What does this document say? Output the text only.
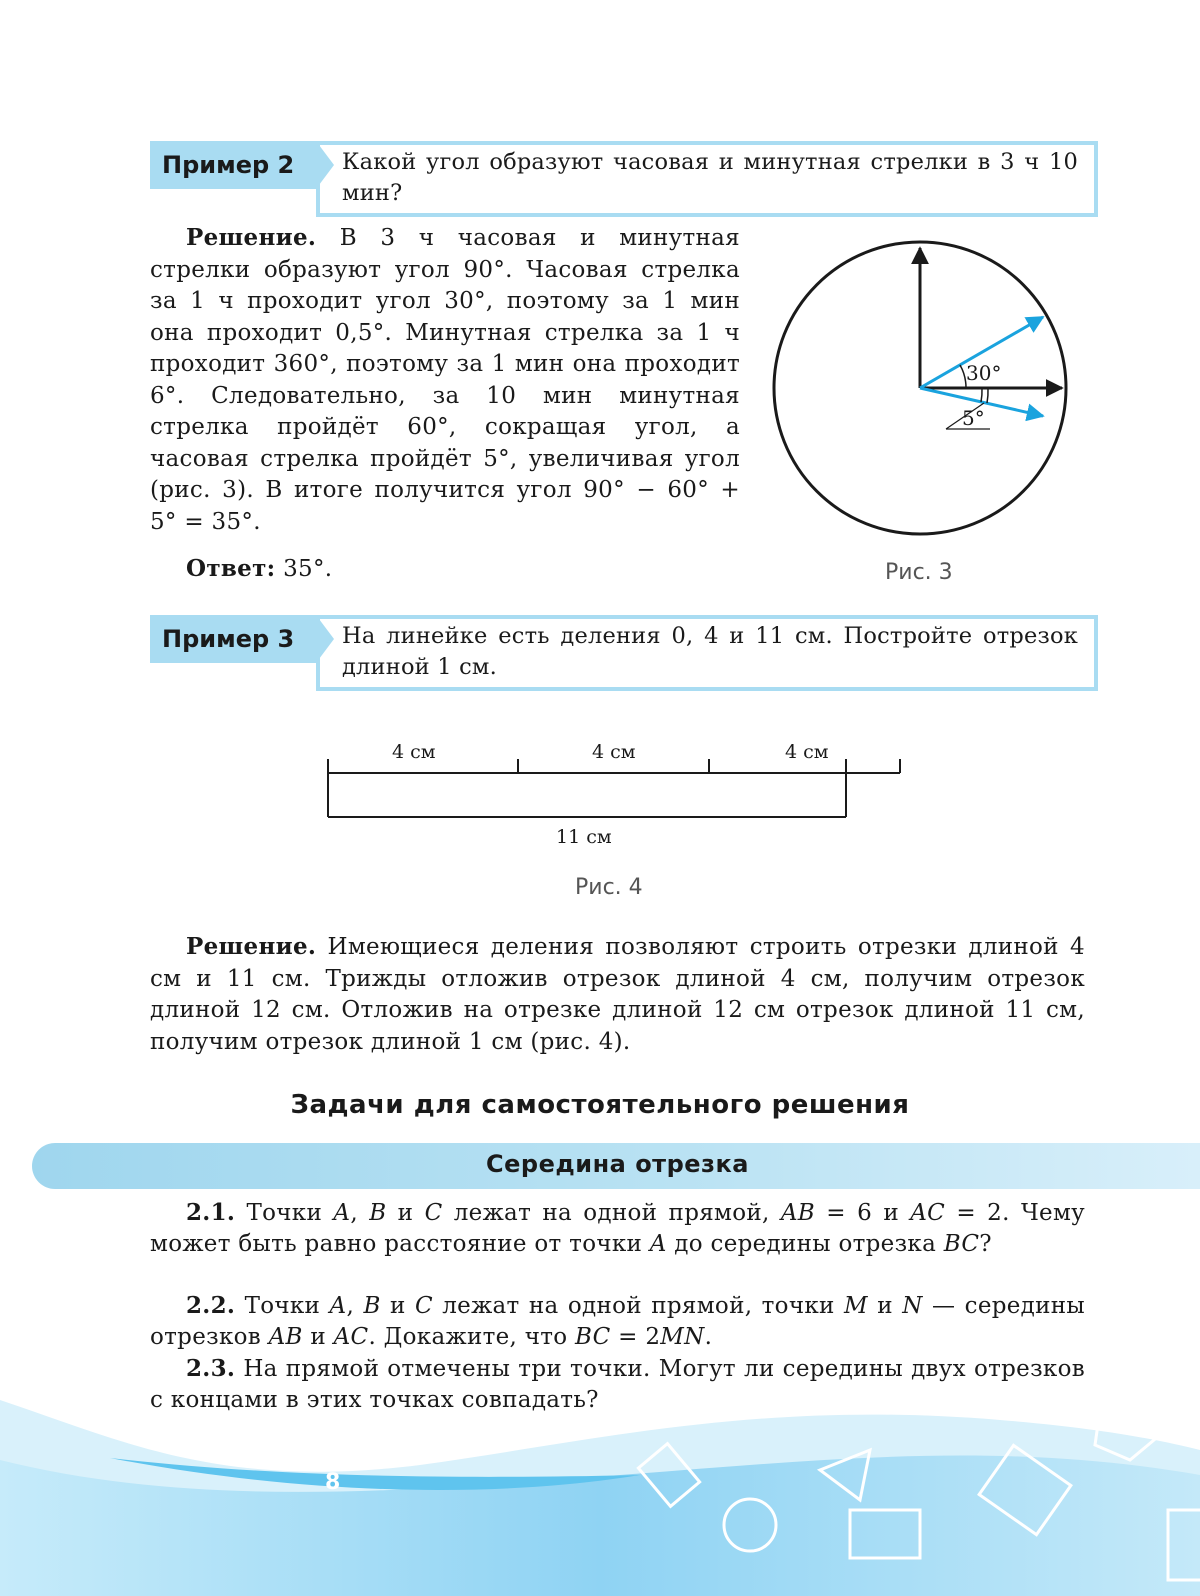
Пример 2	Какой угол образуют часовая и минутная стрелки в 3 ч 10 мин?
Решение. В 3 ч часовая и минутная стрелки образуют угол 90°. Часовая стрелка за 1 ч проходит угол 30°, поэтому за 1 мин она проходит 0,5°. Минутная стрелка за 1 ч проходит 360°, поэтому за 1 мин она проходит 6°. Следовательно, за 10 мин минутная стрелка пройдёт 60°, сокращая угол, а часовая стрелка пройдёт 5°, увеличивая угол (рис. 3). В итоге получится угол 90° − 60° + 5° = 35°.
Ответ: 35°.
30°
5°
Рис. 3
Пример 3	На линейке есть деления 0, 4 и 11 см. Постройте отрезок длиной 1 см.
4 см	4 см	4 см
11 см
Рис. 4
Решение. Имеющиеся деления позволяют строить отрезки длиной 4 см и 11 см. Трижды отложив отрезок длиной 4 см, получим отрезок длиной 12 см. Отложив на отрезке длиной 12 см отрезок длиной 11 см, получим отрезок длиной 1 см (рис. 4).
Задачи для самостоятельного решения
Середина отрезка
2.1. Точки A, B и C лежат на одной прямой, AB = 6 и AC = 2. Чему может быть равно расстояние от точки A до середины отрезка BC?
2.2. Точки A, B и C лежат на одной прямой, точки M и N — середины отрезков AB и AC. Докажите, что BC = 2MN.
2.3. На прямой отмечены три точки. Могут ли середины двух отрезков с концами в этих точках совпадать?
8
